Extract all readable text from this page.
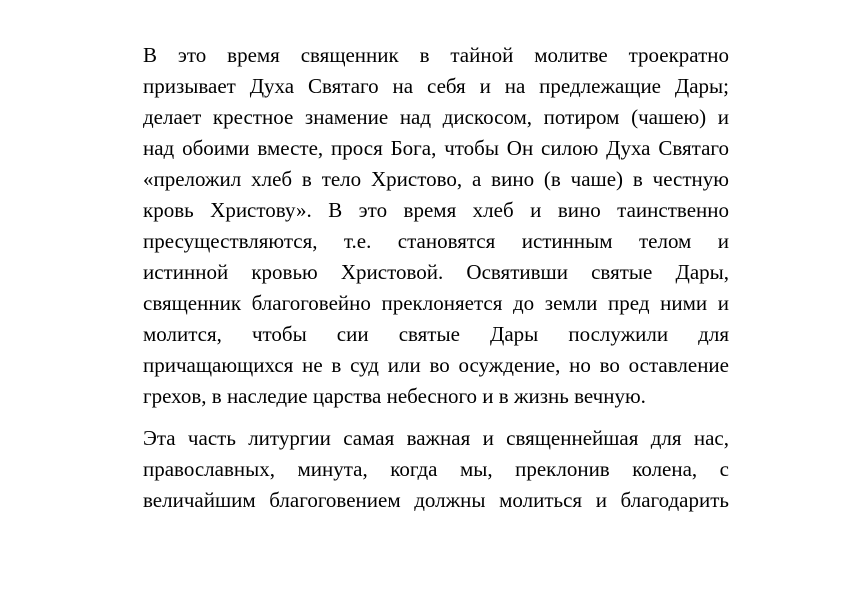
В это время священник в тайной молитве троекратно
призывает Духа Святаго на себя и на предлежащие Дары;
делает крестное знамение над дискосом, потиром (чашею) и
над обоими вместе, прося Бога, чтобы Он силою Духа Святаго
«преложил хлеб в тело Христово, а вино (в чаше) в честную
кровь Христову». В это время хлеб и вино таинственно
пресуществляются, т.е. становятся истинным телом и
истинной кровью Христовой. Освятивши святые Дары,
священник благоговейно преклоняется до земли пред ними и
молится, чтобы сии святые Дары послужили для
причащающихся не в суд или во осуждение, но во оставление
грехов, в наследие царства небесного и в жизнь вечную.

Эта часть литургии самая важная и священнейшая для нас,
православных, минута, когда мы, преклонив колена, с
величайшим благоговением должны молиться и благодарить
